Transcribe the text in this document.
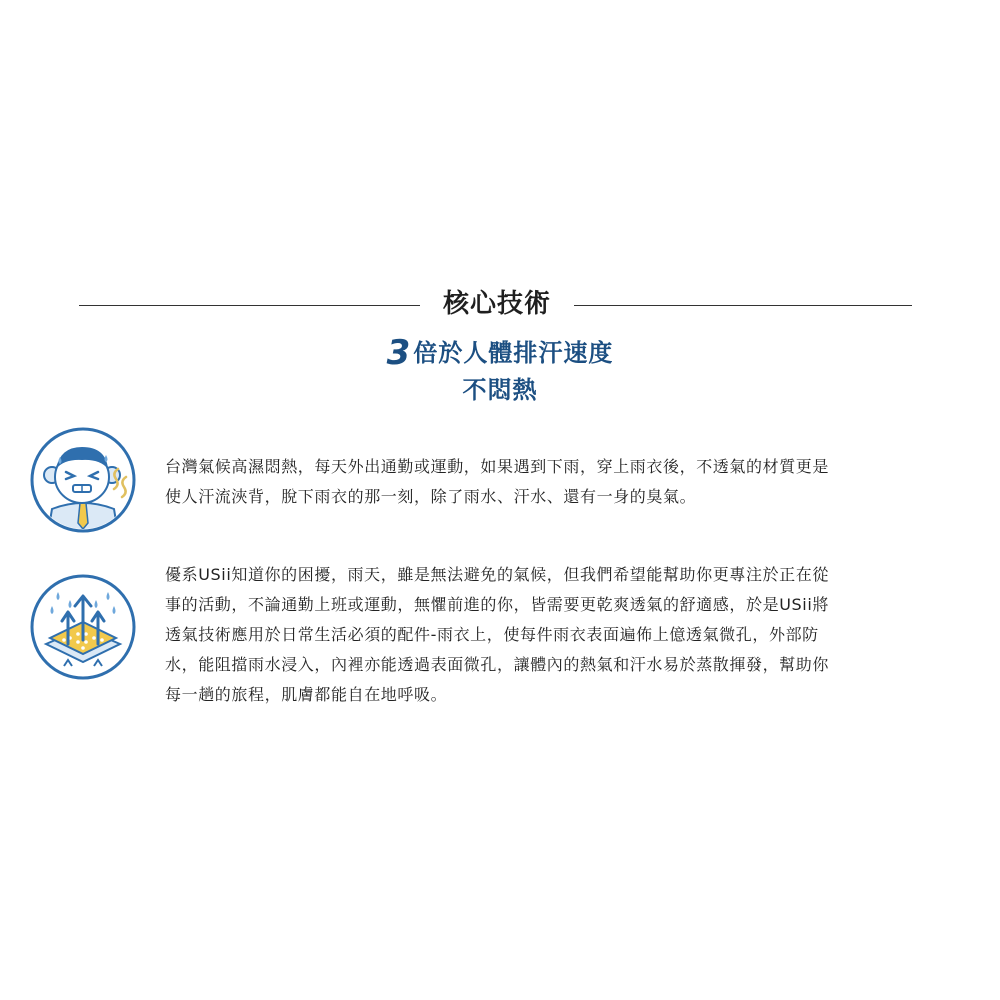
核心技術
3倍於人體排汗速度
不悶熱

台灣氣候高濕悶熱，每天外出通勤或運動，如果遇到下雨，穿上雨衣後，不透氣的材質更是
使人汗流浹背，脫下雨衣的那一刻，除了雨水、汗水、還有一身的臭氣。

優系USii知道你的困擾，雨天，雖是無法避免的氣候，但我們希望能幫助你更專注於正在從
事的活動，不論通勤上班或運動，無懼前進的你，皆需要更乾爽透氣的舒適感，於是USii將
透氣技術應用於日常生活必須的配件-雨衣上，使每件雨衣表面遍佈上億透氣微孔，外部防
水，能阻擋雨水浸入，內裡亦能透過表面微孔，讓體內的熱氣和汗水易於蒸散揮發，幫助你
每一趟的旅程，肌膚都能自在地呼吸。
